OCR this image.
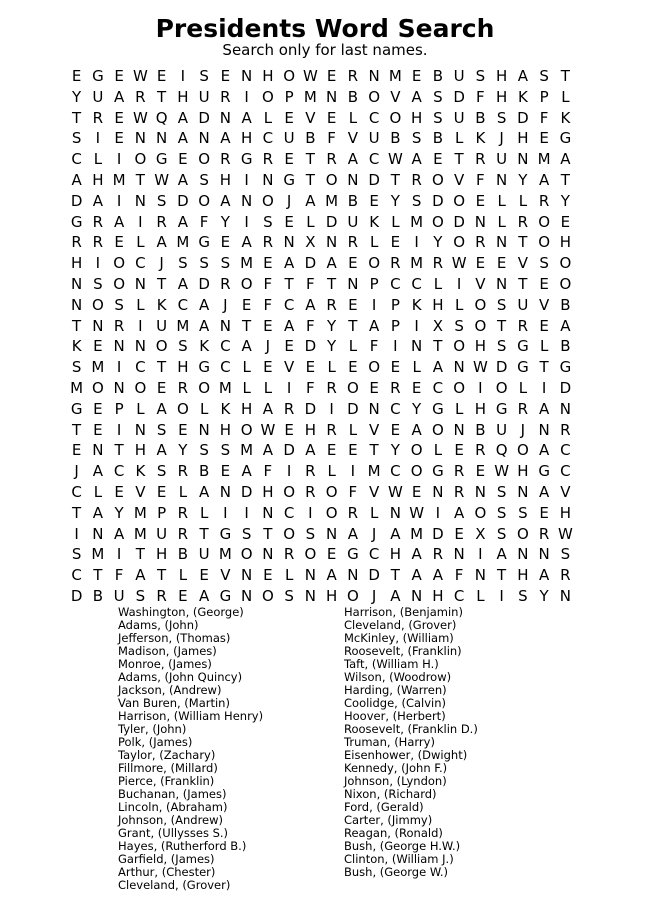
Presidents Word Search
Search only for last names.
E G E W E I S E N H O W E R N M E B U S H A S T
Y U A R T H U R I O P M N B O V A S D F H K P L
T R E W Q A D N A L E V E L C O H S U B S D F K
S I E N N A N A H C U B F V U B S B L K J H E G
C L I O G E O R G R E T R A C W A E T R U N M A
A H M T W A S H I N G T O N D T R O V F N Y A T
D A I N S D O A N O J A M B E Y S D O E L L R Y
G R A I R A F Y I S E L D U K L M O D N L R O E
R R E L A M G E A R N X N R L E I Y O R N T O H
H I O C J S S S M E A D A E O R M R W E E V S O
N S O N T A D R O F T F T N P C C L I V N T E O
N O S L K C A J E F C A R E I P K H L O S U V B
T N R I U M A N T E A F Y T A P I X S O T R E A
K E N N O S K C A J E D Y L F I N T O H S G L B
S M I C T H G C L E V E L E O E L A N W D G T G
M O N O E R O M L L I F R O E R E C O I O L I D
G E P L A O L K H A R D I D N C Y G L H G R A N
T E I N S E N H O W E H R L V E A O N B U J N R
E N T H A Y S S M A D A E E T Y O L E R Q O A C
J A C K S R B E A F I R L I M C O G R E W H G C
C L E V E L A N D H O R O F V W E N R N S N A V
T A Y M P R L I	I N C I O R L N W I A O S S E H
I N A M U R T G S T O S N A J A M D E X S O R W
S M I T H B U M O N R O E G C H A R N I A N N S
C T F A T L E V N E L N A N D T A A F N T H A R
D B U S R E A G N O S N H O J A N H C L I S Y N
Washington, (George)
Adams, (John)
Jefferson, (Thomas)
Madison, (James)
Monroe, (James)
Adams, (John Quincy)
Jackson, (Andrew)
Van Buren, (Martin)
Harrison, (William Henry)
Tyler, (John)
Polk, (James)
Taylor, (Zachary)
Fillmore, (Millard)
Pierce, (Franklin)
Buchanan, (James)
Lincoln, (Abraham)
Johnson, (Andrew)
Grant, (Ullysses S.)
Hayes, (Rutherford B.)
Garfield, (James)
Arthur, (Chester)
Cleveland, (Grover)
Harrison, (Benjamin)
Cleveland, (Grover)
McKinley, (William)
Roosevelt, (Franklin)
Taft, (William H.)
Wilson, (Woodrow)
Harding, (Warren)
Coolidge, (Calvin)
Hoover, (Herbert)
Roosevelt, (Franklin D.)
Truman, (Harry)
Eisenhower, (Dwight)
Kennedy, (John F.)
Johnson, (Lyndon)
Nixon, (Richard)
Ford, (Gerald)
Carter, (Jimmy)
Reagan, (Ronald)
Bush, (George H.W.)
Clinton, (William J.)
Bush, (George W.)
